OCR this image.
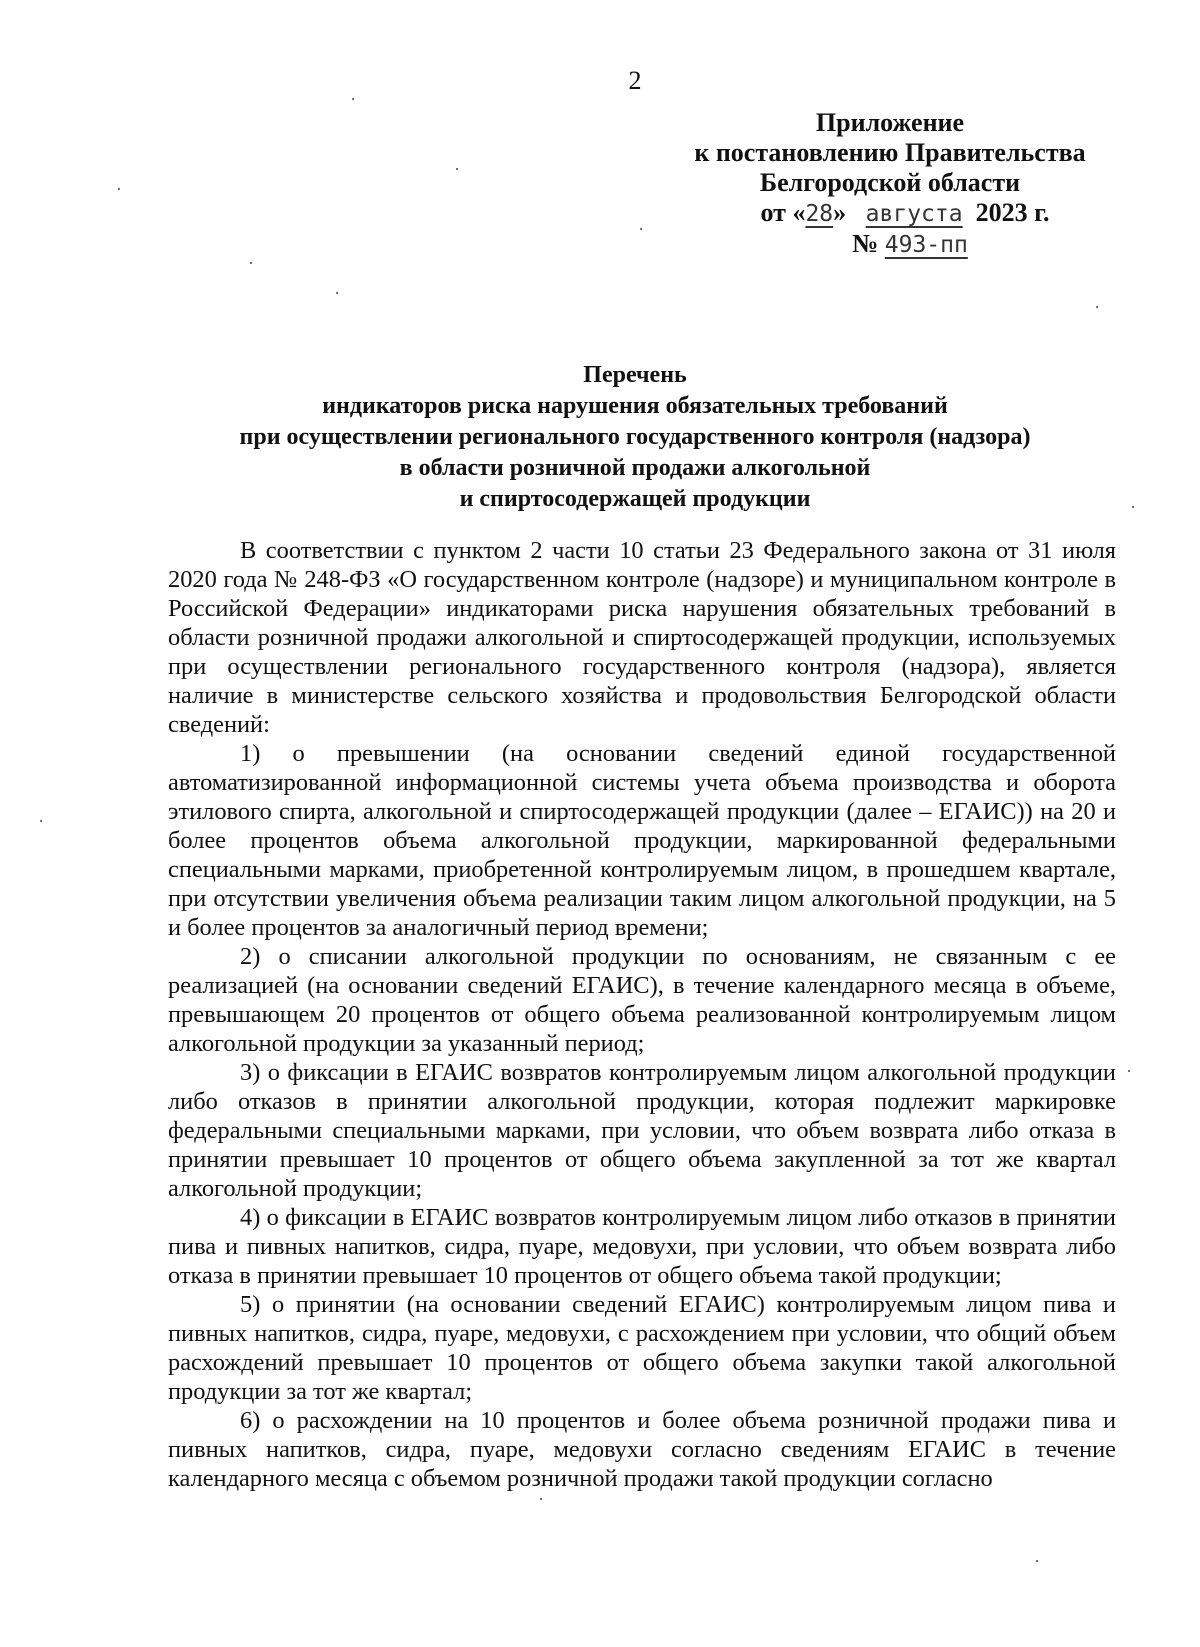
2
Приложение
к постановлению Правительства
Белгородской области
от «28» августа 2023 г.
№ 493-пп
Перечень
индикаторов риска нарушения обязательных требований
при осуществлении регионального государственного контроля (надзора)
в области розничной продажи алкогольной
и спиртосодержащей продукции

В соответствии с пунктом 2 части 10 статьи 23 Федерального закона от 31 июля 2020 года № 248-ФЗ «О государственном контроле (надзоре) и муниципальном контроле в Российской Федерации» индикаторами риска нарушения обязательных требований в области розничной продажи алкогольной и спиртосодержащей продукции, используемых при осуществлении регионального государственного контроля (надзора), является наличие в министерстве сельского хозяйства и продовольствия Белгородской области сведений:

1) о превышении (на основании сведений единой государственной автоматизированной информационной системы учета объема производства и оборота этилового спирта, алкогольной и спиртосодержащей продукции (далее – ЕГАИС)) на 20 и более процентов объема алкогольной продукции, маркированной федеральными специальными марками, приобретенной контролируемым лицом, в прошедшем квартале, при отсутствии увеличения объема реализации таким лицом алкогольной продукции, на 5 и более процентов за аналогичный период времени;

2) о списании алкогольной продукции по основаниям, не связанным с ее реализацией (на основании сведений ЕГАИС), в течение календарного месяца в объеме, превышающем 20 процентов от общего объема реализованной контролируемым лицом алкогольной продукции за указанный период;

3) о фиксации в ЕГАИС возвратов контролируемым лицом алкогольной продукции либо отказов в принятии алкогольной продукции, которая подлежит маркировке федеральными специальными марками, при условии, что объем возврата либо отказа в принятии превышает 10 процентов от общего объема закупленной за тот же квартал алкогольной продукции;

4) о фиксации в ЕГАИС возвратов контролируемым лицом либо отказов в принятии пива и пивных напитков, сидра, пуаре, медовухи, при условии, что объем возврата либо отказа в принятии превышает 10 процентов от общего объема такой продукции;

5) о принятии (на основании сведений ЕГАИС) контролируемым лицом пива и пивных напитков, сидра, пуаре, медовухи, с расхождением при условии, что общий объем расхождений превышает 10 процентов от общего объема закупки такой алкогольной продукции за тот же квартал;

6) о расхождении на 10 процентов и более объема розничной продажи пива и пивных напитков, сидра, пуаре, медовухи согласно сведениям ЕГАИС в течение календарного месяца с объемом розничной продажи такой продукции согласно
